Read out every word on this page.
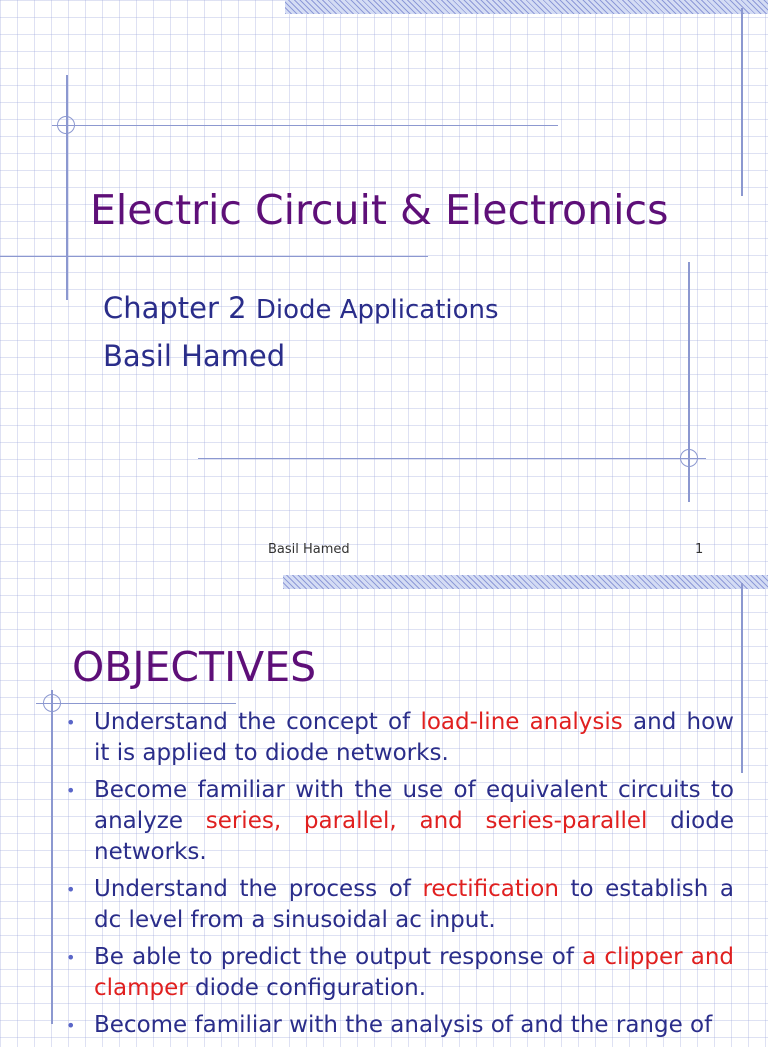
Electric Circuit & Electronics
Chapter 2 Diode Applications
Basil Hamed
Basil Hamed	1
OBJECTIVES
• Understand the concept of load-line analysis and how it is applied to diode networks.
• Become familiar with the use of equivalent circuits to analyze series, parallel, and series-parallel diode networks.
• Understand the process of rectification to establish a dc level from a sinusoidal ac input.
• Be able to predict the output response of a clipper and clamper diode configuration.
• Become familiar with the analysis of and the range of
